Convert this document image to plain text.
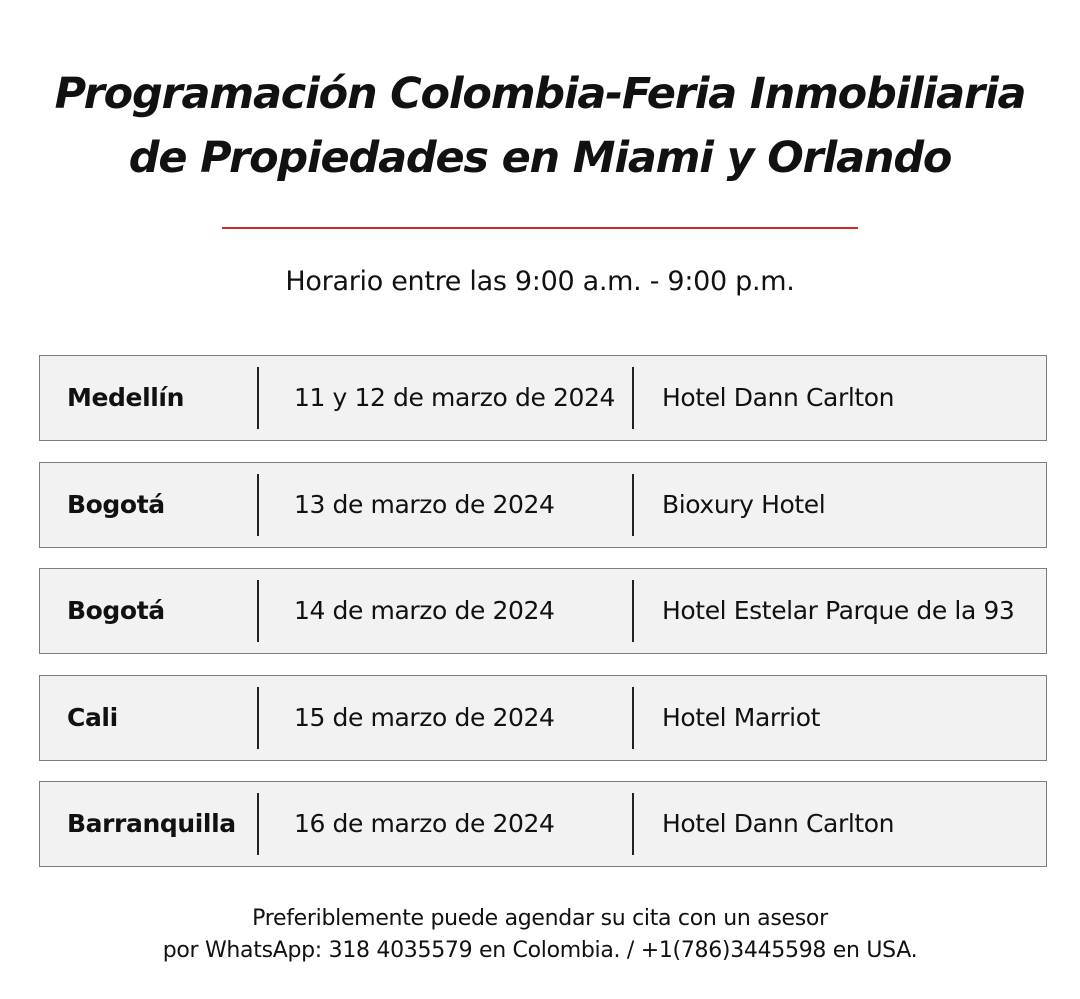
Programación Colombia-Feria Inmobiliaria
de Propiedades en Miami y Orlando
Horario entre las 9:00 a.m. - 9:00 p.m.
Medellín	11 y 12 de marzo de 2024 Hotel Dann Carlton
Bogotá	13 de marzo de 2024	Bioxury Hotel
Bogotá	14 de marzo de 2024	Hotel Estelar Parque de la 93
Cali	15 de marzo de 2024	Hotel Marriot
Barranquilla 16 de marzo de 2024	Hotel Dann Carlton
Preferiblemente puede agendar su cita con un asesor
por WhatsApp: 318 4035579 en Colombia. / +1(786)3445598 en USA.
